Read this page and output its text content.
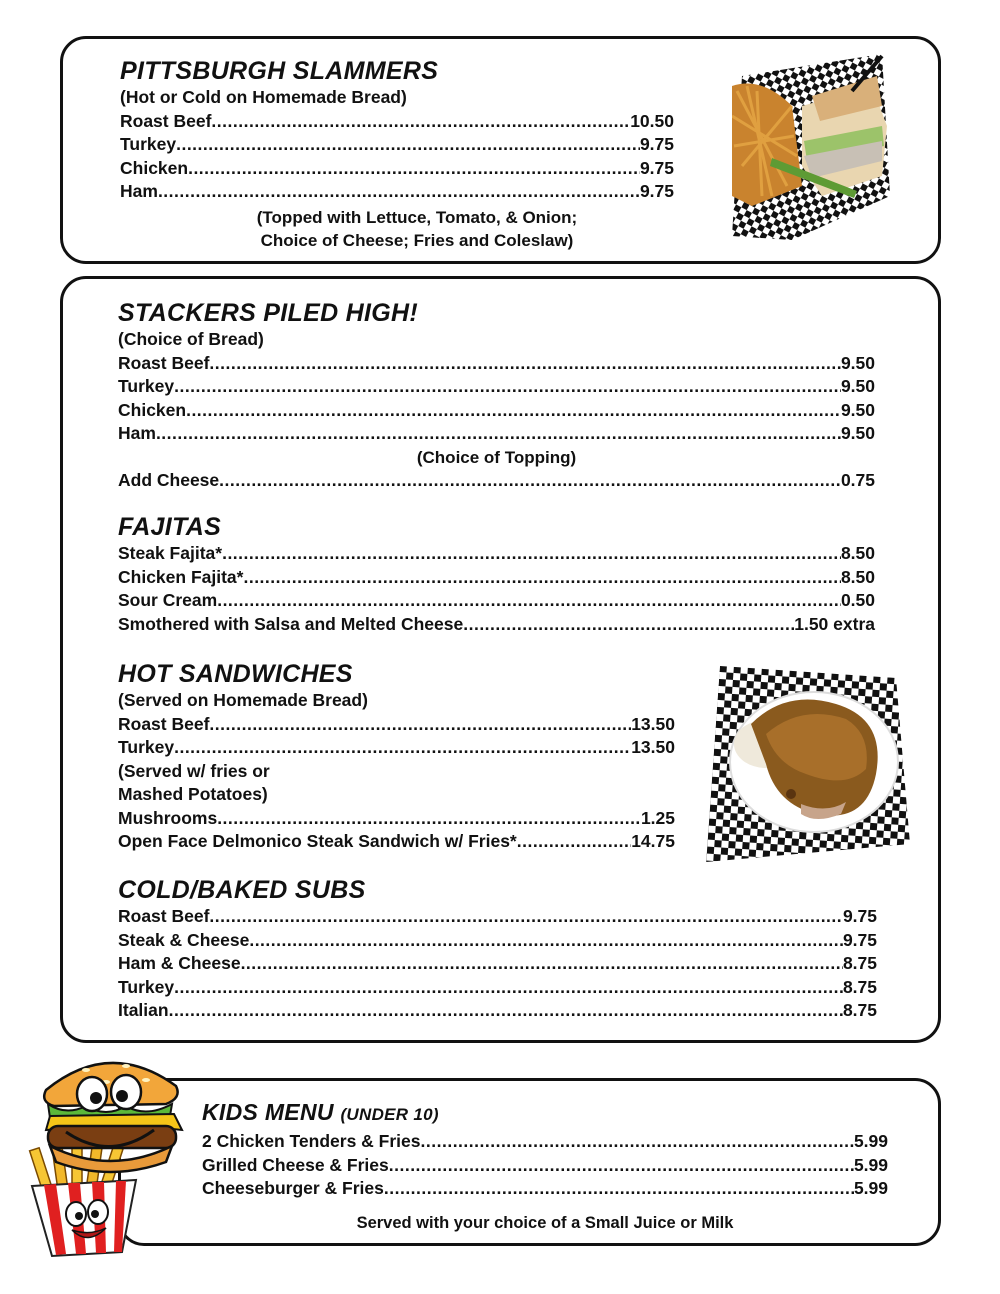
PITTSBURGH SLAMMERS
(Hot or Cold on Homemade Bread)
Roast Beef .....	10.50
Turkey .....	9.75
Chicken .....	9.75
Ham .....	9.75
(Topped with Lettuce, Tomato, & Onion;
Choice of Cheese; Fries and Coleslaw)
STACKERS PILED HIGH!
(Choice of Bread)
Roast Beef .....	9.50
Turkey .....	9.50
Chicken .....	9.50
Ham .....	9.50
(Choice of Topping)
Add Cheese .....	0.75
FAJITAS
Steak Fajita* .....	8.50
Chicken Fajita* .....	8.50
Sour Cream .....	0.50
Smothered with Salsa and Melted Cheese .....	1.50 extra
HOT SANDWICHES
(Served on Homemade Bread)
Roast Beef .....	13.50
Turkey .....	13.50
(Served w/ fries or
Mashed Potatoes)
Mushrooms .....	1.25
Open Face Delmonico Steak Sandwich w/ Fries* .....	14.75
COLD/BAKED SUBS
Roast Beef .....	9.75
Steak & Cheese .....	9.75
Ham & Cheese .....	8.75
Turkey .....	8.75
Italian .....	8.75
KIDS MENU (UNDER 10)
2 Chicken Tenders & Fries .....	5.99
Grilled Cheese & Fries .....	5.99
Cheeseburger & Fries .....	5.99
Served with your choice of a Small Juice or Milk
